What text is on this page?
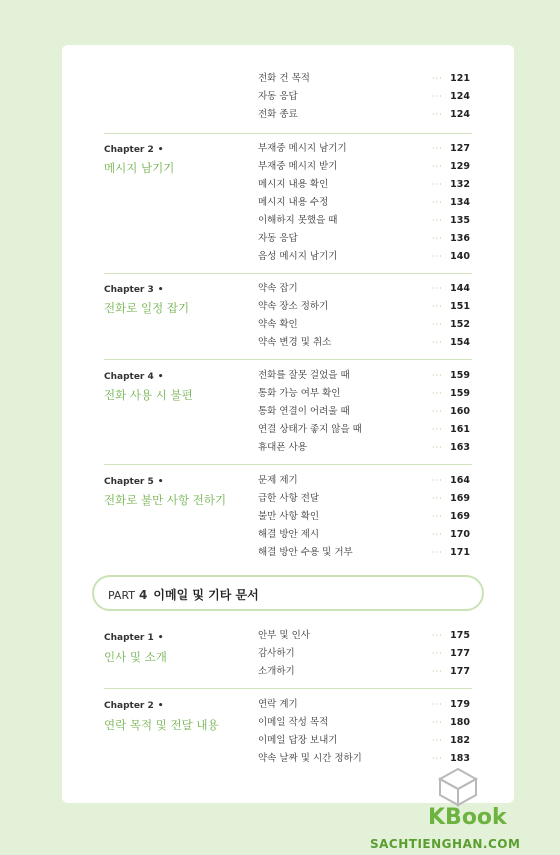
전화 건 목적	··· 121
자동 응답	··· 124
전화 종료	··· 124
Chapter 2 •
메시지 남기기
부재중 메시지 남기기	··· 127
부재중 메시지 받기	··· 129
메시지 내용 확인	··· 132
메시지 내용 수정	··· 134
이해하지 못했을 때	··· 135
자동 응답	··· 136
음성 메시지 남기기	··· 140
Chapter 3 •
전화로 일정 잡기
약속 잡기	··· 144
약속 장소 정하기	··· 151
약속 확인	··· 152
약속 변경 및 취소	··· 154
Chapter 4 •
전화 사용 시 불편
전화를 잘못 걸었을 때	··· 159
통화 가능 여부 확인	··· 159
통화 연결이 어려울 때	··· 160
연결 상태가 좋지 않을 때	··· 161
휴대폰 사용	··· 163
Chapter 5 •
전화로 불만 사항 전하기
문제 제기	··· 164
급한 사항 전달	··· 169
불만 사항 확인	··· 169
해결 방안 제시	··· 170
해결 방안 수용 및 거부	··· 171
PART 4 이메일 및 기타 문서
Chapter 1 •
인사 및 소개
안부 및 인사	··· 175
감사하기	··· 177
소개하기	··· 177
Chapter 2 •
연락 목적 및 전달 내용
연락 계기	··· 179
이메일 작성 목적	··· 180
이메일 답장 보내기	··· 182
약속 날짜 및 시간 정하기	··· 183
KBook
SACHTIENGHAN.COM
